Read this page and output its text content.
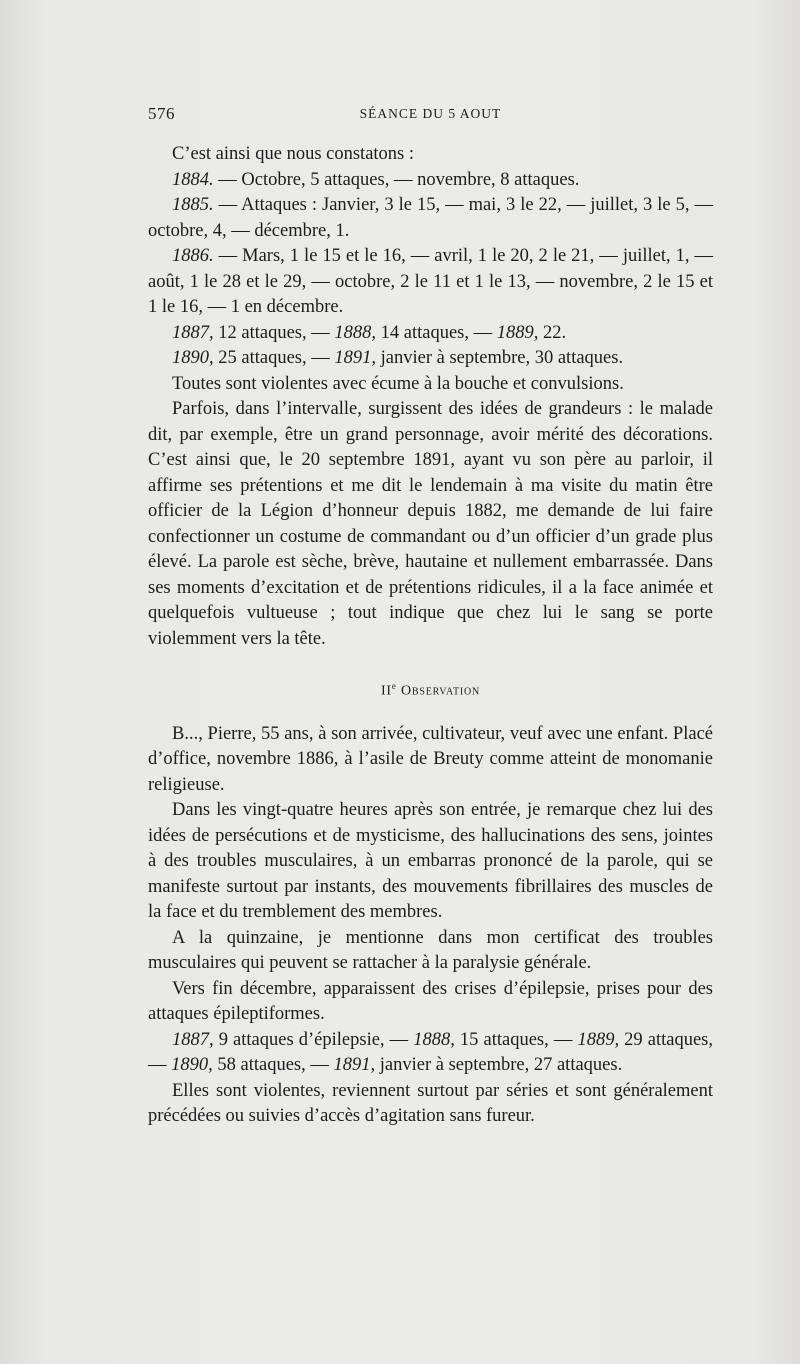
576	SÉANCE DU 5 AOUT

C’est ainsi que nous constatons :

1884. — Octobre, 5 attaques, — novembre, 8 attaques.

1885. — Attaques : Janvier, 3 le 15, — mai, 3 le 22, — juillet, 3 le 5, — octobre, 4, — décembre, 1.

1886. — Mars, 1 le 15 et le 16, — avril, 1 le 20, 2 le 21, — juillet, 1, — août, 1 le 28 et le 29, — octobre, 2 le 11 et 1 le 13, — novembre, 2 le 15 et 1 le 16, — 1 en décembre.

1887, 12 attaques, — 1888, 14 attaques, — 1889, 22.

1890, 25 attaques, — 1891, janvier à septembre, 30 attaques.

Toutes sont violentes avec écume à la bouche et convulsions.

Parfois, dans l’intervalle, surgissent des idées de grandeurs : le malade dit, par exemple, être un grand personnage, avoir mérité des décorations. C’est ainsi que, le 20 septembre 1891, ayant vu son père au parloir, il affirme ses prétentions et me dit le lendemain à ma visite du matin être officier de la Légion d’honneur depuis 1882, me demande de lui faire confectionner un costume de commandant ou d’un officier d’un grade plus élevé. La parole est sèche, brève, hautaine et nullement embarrassée. Dans ses moments d’excitation et de prétentions ridicules, il a la face animée et quelquefois vultueuse ; tout indique que chez lui le sang se porte violemment vers la tête.

IIe Observation

B..., Pierre, 55 ans, à son arrivée, cultivateur, veuf avec une enfant. Placé d’office, novembre 1886, à l’asile de Breuty comme atteint de monomanie religieuse.

Dans les vingt-quatre heures après son entrée, je remarque chez lui des idées de persécutions et de mysticisme, des hallucinations des sens, jointes à des troubles musculaires, à un embarras prononcé de la parole, qui se manifeste surtout par instants, des mouvements fibrillaires des muscles de la face et du tremblement des membres.

A la quinzaine, je mentionne dans mon certificat des troubles musculaires qui peuvent se rattacher à la paralysie générale.

Vers fin décembre, apparaissent des crises d’épilepsie, prises pour des attaques épileptiformes.

1887, 9 attaques d’épilepsie, — 1888, 15 attaques, — 1889, 29 attaques, — 1890, 58 attaques, — 1891, janvier à septembre, 27 attaques.

Elles sont violentes, reviennent surtout par séries et sont généralement précédées ou suivies d’accès d’agitation sans fureur.
